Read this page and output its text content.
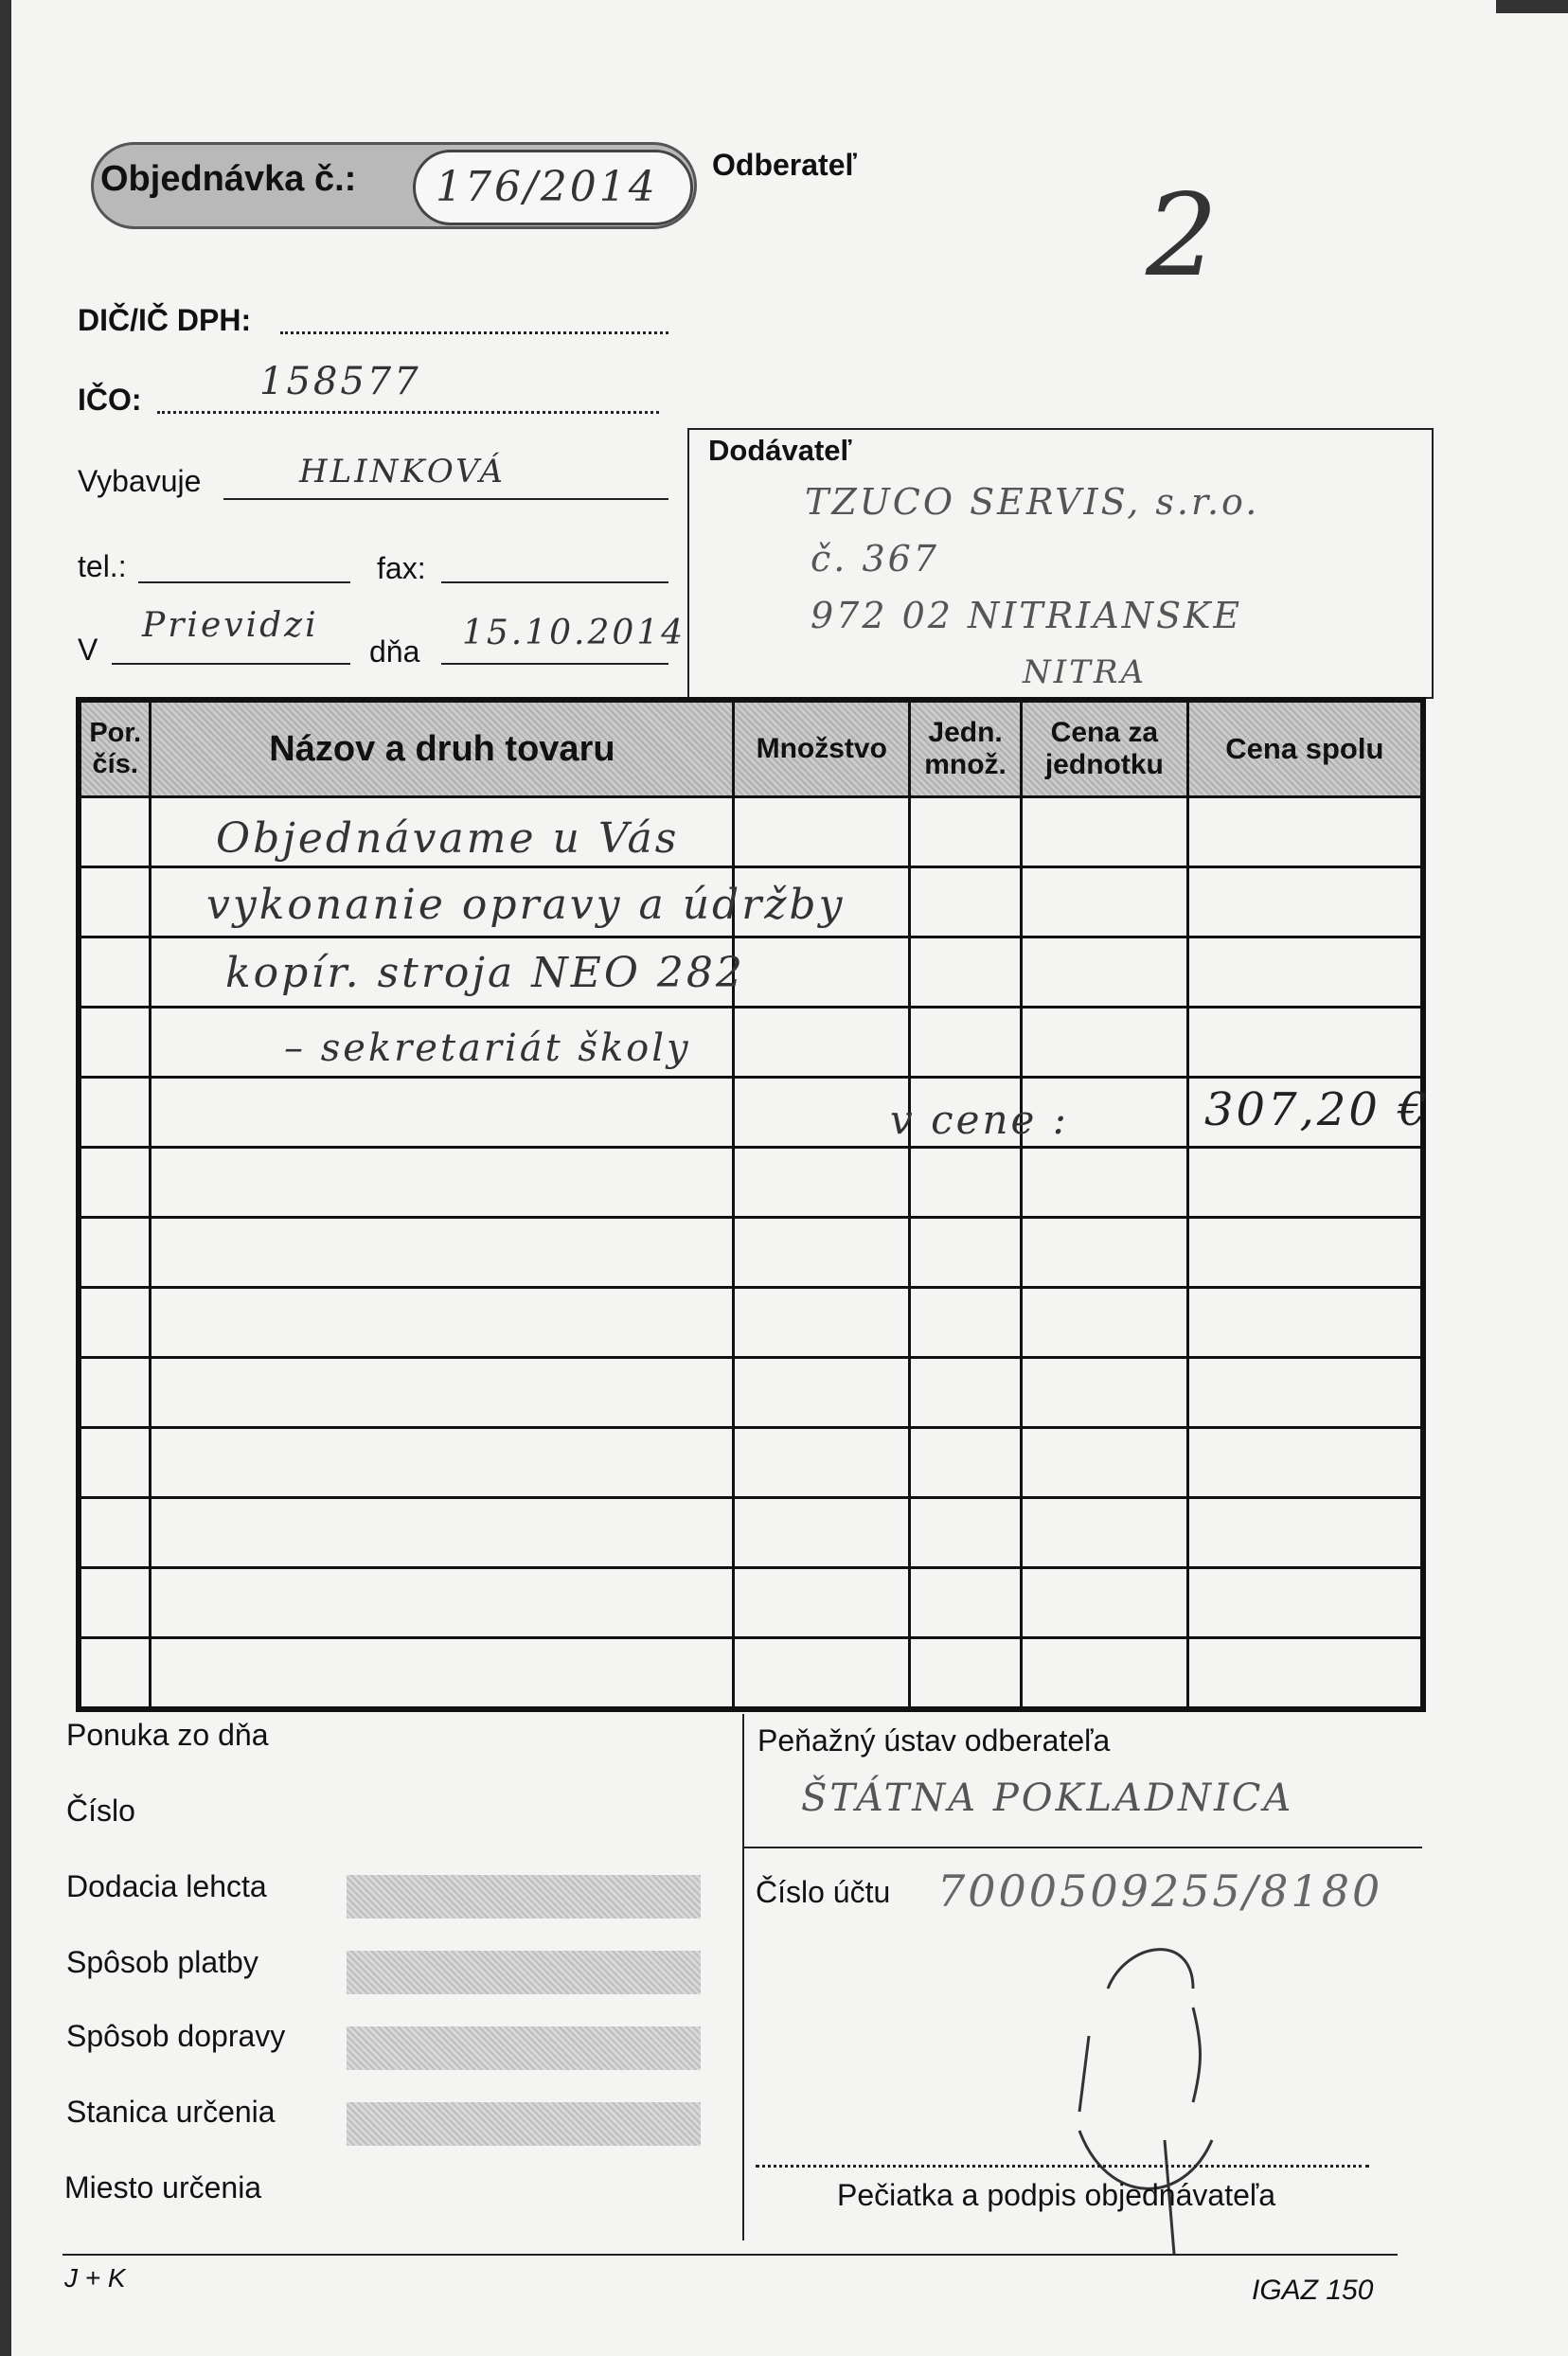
Objednávka č.: 176/2014 Odberateľ
2
DIČ/IČ DPH:
IČO:	158577
Vybavuje	HLINKOVÁ
tel.:	fax:
V
Prievidzi
dňa 15.10.2014
Dodávateľ
TZUCO SERVIS, s.r.o.
č. 367
972 02 NITRIANSKE
NITRA
Por. čís.	Názov a druh tovaru	Množstvo	Jedn. množ.	Cena za jednotku	Cena spolu

Objednávame u Vás
vykonanie opravy a údržby
kopír. stroja NEO 282
– sekretariát školy
v cene :	307,20 €
Ponuka zo dňa
Číslo
Dodacia lehcta
Spôsob platby
Spôsob dopravy
Stanica určenia
Miesto určenia
Peňažný ústav odberateľa
ŠTÁTNA POKLADNICA
Číslo účtu 7000509255/8180
Pečiatka a podpis objednávateľa
J + K	IGAZ 150
